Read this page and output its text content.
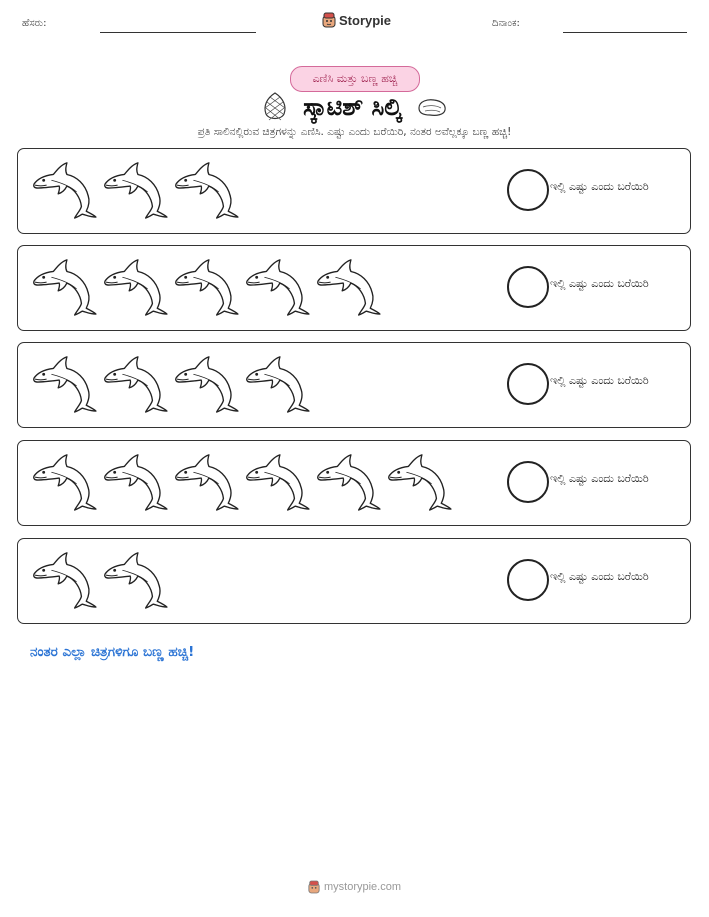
ಹೆಸರು:	Storypie	ದಿನಾಂಕ:
ಎಣಿಸಿ ಮತ್ತು ಬಣ್ಣ ಹಚ್ಚಿ
ಸ್ಕಾಟಿಶ್ ಸಿಲ್ಕಿ
ಪ್ರತಿ ಸಾಲಿನಲ್ಲಿರುವ ಚಿತ್ರಗಳನ್ನು ಎಣಿಸಿ. ಎಷ್ಟು ಎಂದು ಬರೆಯಿರಿ, ನಂತರ ಅವೆಲ್ಲಕ್ಕೂ ಬಣ್ಣ ಹಚ್ಚಿ!
ಇಲ್ಲಿ ಎಷ್ಟು ಎಂದು ಬರೆಯಿರಿ
ಇಲ್ಲಿ ಎಷ್ಟು ಎಂದು ಬರೆಯಿರಿ
ಇಲ್ಲಿ ಎಷ್ಟು ಎಂದು ಬರೆಯಿರಿ
ಇಲ್ಲಿ ಎಷ್ಟು ಎಂದು ಬರೆಯಿರಿ
ಇಲ್ಲಿ ಎಷ್ಟು ಎಂದು ಬರೆಯಿರಿ
ನಂತರ ಎಲ್ಲಾ ಚಿತ್ರಗಳಿಗೂ ಬಣ್ಣ ಹಚ್ಚಿ!
mystorypie.com
